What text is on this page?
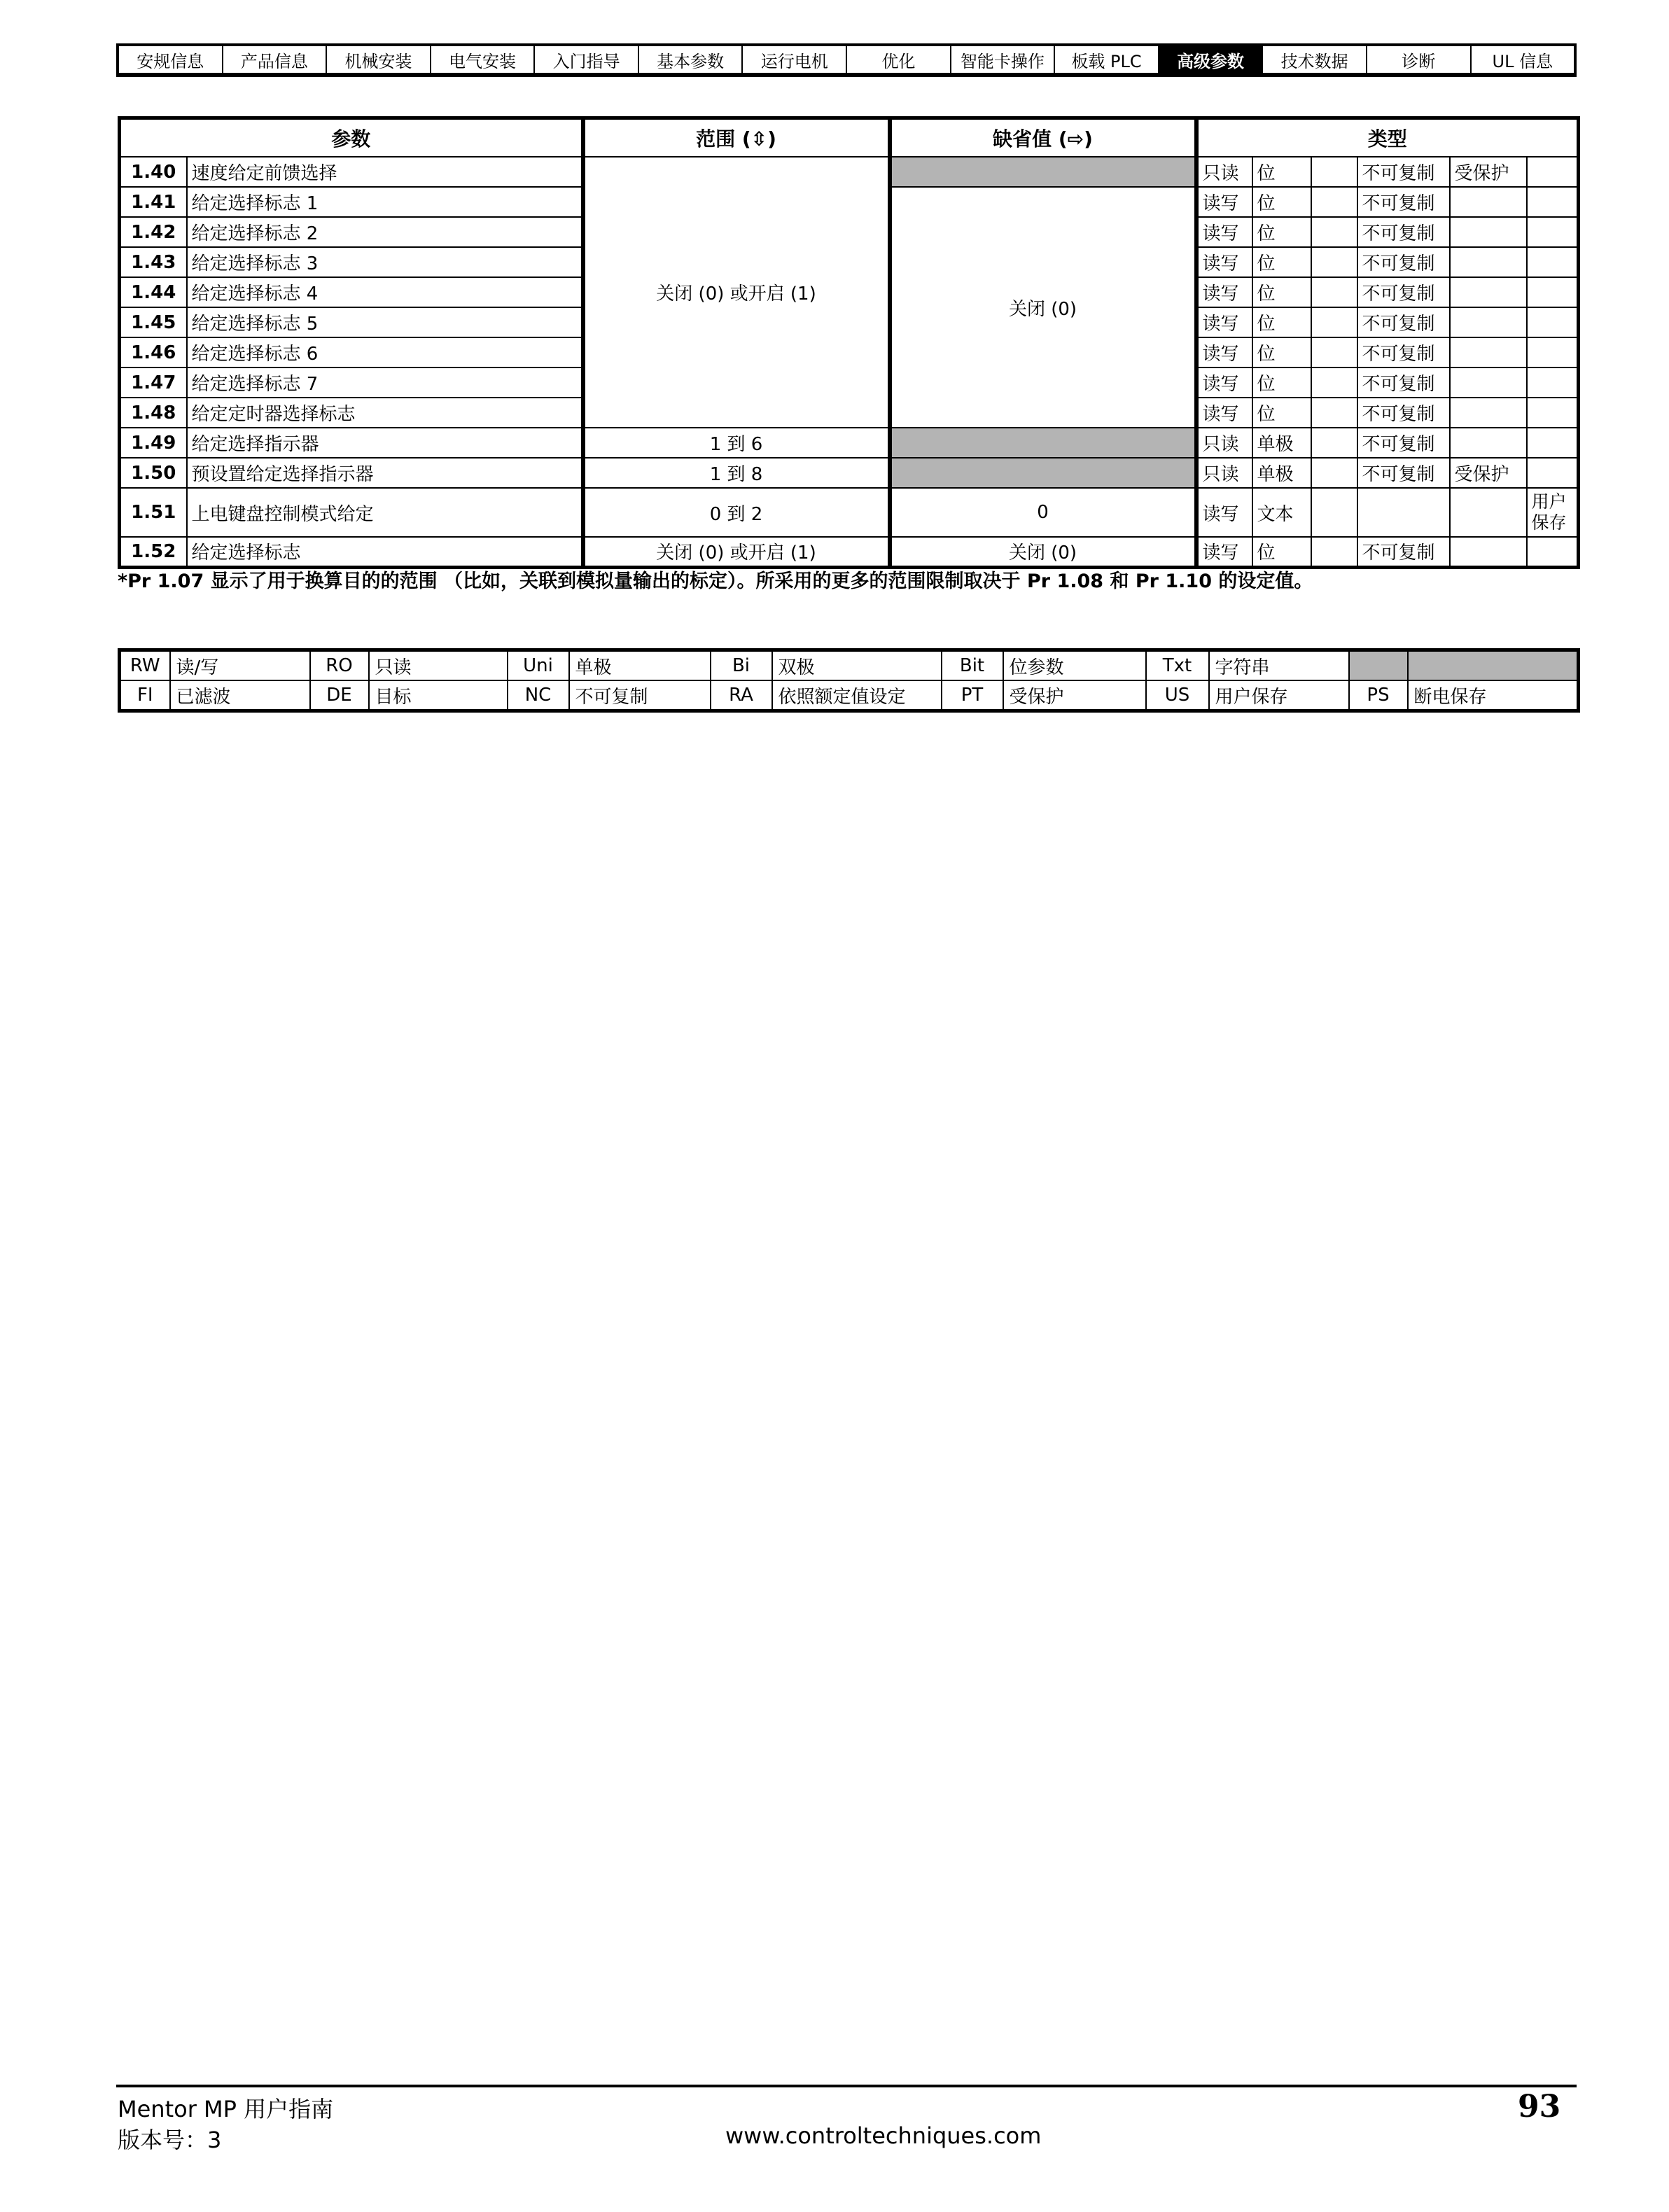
安规信息	产品信息	机械安装	电气安装	入门指导	基本参数	运行电机	优化	智能卡操作	板载 PLC	高级参数	技术数据	诊断	UL 信息
参数		范围 (⇳)	缺省值 (⇨)	类型					
1.40	速度给定前馈选择	关闭 (0) 或开启 (1)		只读	位		不可复制	受保护	
1.41	给定选择标志 1		关闭 (0)	读写	位		不可复制		
1.42	给定选择标志 2			读写	位		不可复制		
1.43	给定选择标志 3			读写	位		不可复制		
1.44	给定选择标志 4			读写	位		不可复制		
1.45	给定选择标志 5			读写	位		不可复制		
1.46	给定选择标志 6			读写	位		不可复制		
1.47	给定选择标志 7			读写	位		不可复制		
1.48	给定定时器选择标志			读写	位		不可复制		
1.49	给定选择指示器	1 到 6		只读	单极		不可复制		
1.50	预设置给定选择指示器	1 到 8		只读	单极		不可复制	受保护	
1.51	上电键盘控制模式给定	0 到 2	0	读写	文本				用户保存
1.52	给定选择标志	关闭 (0) 或开启 (1)	关闭 (0)	读写	位		不可复制		
*Pr 1.07 显示了用于换算目的的范围 （比如，关联到模拟量输出的标定）。所采用的更多的范围限制取决于 Pr 1.08 和 Pr 1.10 的设定值。
RW	读/写	RO	只读	Uni	单极	Bi	双极	Bit	位参数	Txt	字符串		
FI	已滤波	DE	目标	NC	不可复制	RA	依照额定值设定	PT	受保护	US	用户保存	PS	断电保存
Mentor MP 用户指南
版本号：3	www.controltechniques.com
93
